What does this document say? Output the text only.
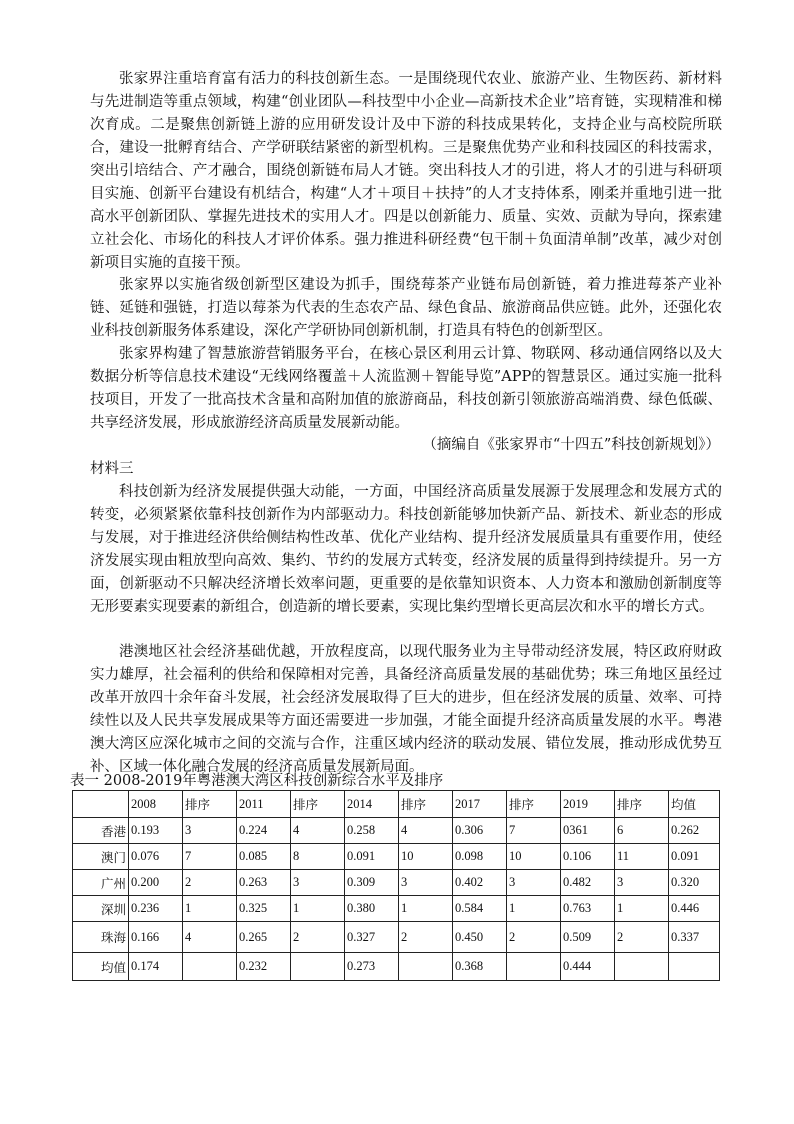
张家界注重培育富有活力的科技创新生态。一是围绕现代农业、旅游产业、生物医药、新材料与先进制造等重点领域，构建“创业团队—科技型中小企业—高新技术企业”培育链，实现精准和梯次育成。二是聚焦创新链上游的应用研发设计及中下游的科技成果转化，支持企业与高校院所联合，建设一批孵育结合、产学研联结紧密的新型机构。三是聚焦优势产业和科技园区的科技需求，突出引培结合、产才融合，围绕创新链布局人才链。突出科技人才的引进，将人才的引进与科研项目实施、创新平台建设有机结合，构建“人才＋项目＋扶持”的人才支持体系，刚柔并重地引进一批高水平创新团队、掌握先进技术的实用人才。四是以创新能力、质量、实效、贡献为导向，探索建立社会化、市场化的科技人才评价体系。强力推进科研经费“包干制＋负面清单制”改革，减少对创新项目实施的直接干预。

张家界以实施省级创新型区建设为抓手，围绕莓茶产业链布局创新链，着力推进莓茶产业补链、延链和强链，打造以莓茶为代表的生态农产品、绿色食品、旅游商品供应链。此外，还强化农业科技创新服务体系建设，深化产学研协同创新机制，打造具有特色的创新型区。

张家界构建了智慧旅游营销服务平台，在核心景区利用云计算、物联网、移动通信网络以及大数据分析等信息技术建设“无线网络覆盖＋人流监测＋智能导览”APP的智慧景区。通过实施一批科技项目，开发了一批高技术含量和高附加值的旅游商品，科技创新引领旅游高端消费、绿色低碳、共享经济发展，形成旅游经济高质量发展新动能。

（摘编自《张家界市“十四五”科技创新规划》）
材料三

科技创新为经济发展提供强大动能，一方面，中国经济高质量发展源于发展理念和发展方式的转变，必须紧紧依靠科技创新作为内部驱动力。科技创新能够加快新产品、新技术、新业态的形成与发展，对于推进经济供给侧结构性改革、优化产业结构、提升经济发展质量具有重要作用，使经济发展实现由粗放型向高效、集约、节约的发展方式转变，经济发展的质量得到持续提升。另一方面，创新驱动不只解决经济增长效率问题，更重要的是依靠知识资本、人力资本和激励创新制度等无形要素实现要素的新组合，创造新的增长要素，实现比集约型增长更高层次和水平的增长方式。

港澳地区社会经济基础优越，开放程度高，以现代服务业为主导带动经济发展，特区政府财政实力雄厚，社会福利的供给和保障相对完善，具备经济高质量发展的基础优势；珠三角地区虽经过改革开放四十余年奋斗发展，社会经济发展取得了巨大的进步，但在经济发展的质量、效率、可持续性以及人民共享发展成果等方面还需要进一步加强，才能全面提升经济高质量发展的水平。粤港澳大湾区应深化城市之间的交流与合作，注重区域内经济的联动发展、错位发展，推动形成优势互补、区域一体化融合发展的经济高质量发展新局面。

表一 2008-2019年粤港澳大湾区科技创新综合水平及排序
	2008	排序	2011	排序	2014	排序	2017	排序	2019	排序	均值
香港	0.193	3	0.224	4	0.258	4	0.306	7	0361	6	0.262
澳门	0.076	7	0.085	8	0.091	10	0.098	10	0.106	11	0.091
广州	0.200	2	0.263	3	0.309	3	0.402	3	0.482	3	0.320
深圳	0.236	1	0.325	1	0.380	1	0.584	1	0.763	1	0.446
珠海	0.166	4	0.265	2	0.327	2	0.450	2	0.509	2	0.337
均值	0.174		0.232		0.273		0.368		0.444		
